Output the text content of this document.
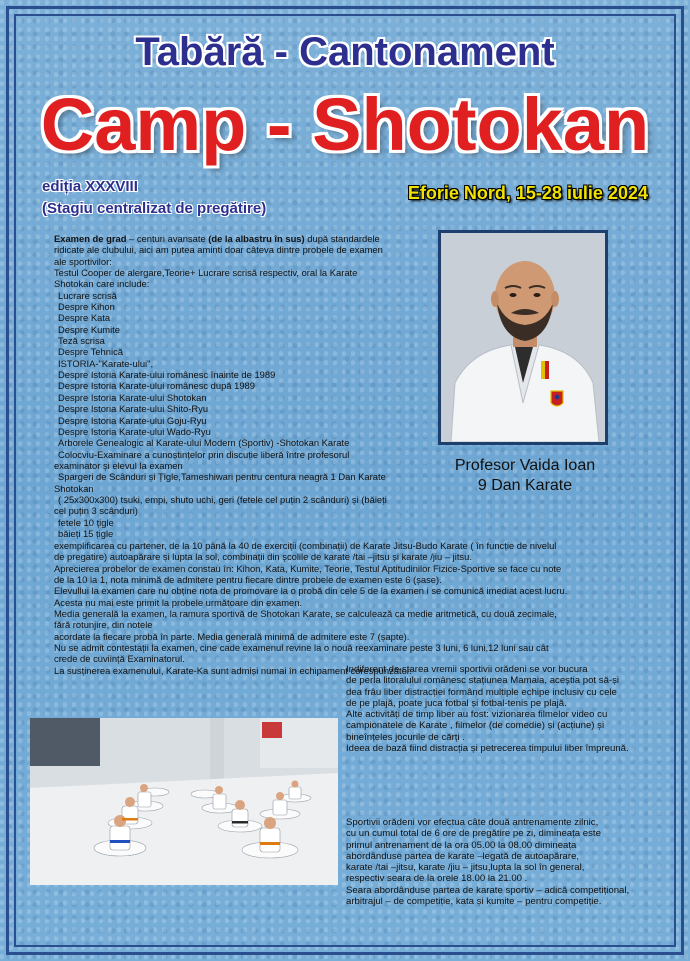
Tabără - Cantonament
Camp - Shotokan
ediția XXXVIII
(Stagiu centralizat de pregătire)
Eforie Nord, 15-28 iulie 2024
Examen de grad – centuri avansate (de la albastru în sus) după standardele
ridicate ale clubului, aici am putea aminti doar câteva dintre probele de examen
ale sportivilor:
Testul Cooper de alergare,Teorie+ Lucrare scrisă respectiv, oral la Karate
Shotokan care include:
Lucrare scrisă
Despre Kihon
Despre Kata
Despre Kumite
Teză scrisa
Despre Tehnică
ISTORIA-"Karate-ului",
Despre Istoria Karate-ului românesc înainte de 1989
Despre Istoria Karate-ului românesc după 1989
Despre Istoria Karate-ului Shotokan
Despre Istoria Karate-ului Shito-Ryu
Despre Istoria Karate-ului Goju-Ryu
Despre Istoria Karate-ului Wado-Ryu
Arborele Genealogic al Karate-ului Modern (Sportiv) -Shotokan Karate
Colocviu-Examinare a cunoștințelor prin discuție liberă între profesorul
examinator și elevul la examen
Spargeri de Scânduri și Țigle,Tameshiwari pentru centura neagră 1 Dan Karate
Shotokan
( 25x300x300) tsuki, empi, shuto uchi, geri (fetele cel puțin 2 scânduri) și (băieți
cel puțin 3 scânduri)
fetele 10 țigle
băieți 15 țigle
exemplificarea cu partener, de la 10 până la 40 de exerciții (combinații) de Karate Jitsu-Budo Karate ( în funcție de nivelul
de pregatire) autoapărare și lupta la sol, combinații din școlile de karate /tai –jitsu și karate /jiu – jitsu.
Aprecierea probelor de examen constau în: Kihon, Kata, Kumite, Teorie, Testul Aptitudinilor Fizice-Sportive se face cu note
de la 10 la 1, nota minimă de admitere pentru fiecare dintre probele de examen este 6 (șase).
Elevullui la examen care nu obține nota de promovare la o probă din cele 5 de la examen i se comunică imediat acest lucru.
Acesta nu mai este primit la probele următoare din examen.
Media generală la examen, la ramura sportivă de Shotokan Karate, se calculează ca medie aritmetică, cu două zecimale,
fără rotunjire, din notele
acordate la fiecare probă în parte. Media generală minimă de admitere este 7 (șapte).
Nu se admit contestații la examen, cine cade examenul revine la o nouă reexaminare peste 3 luni, 6 luni,12 luni sau cât
crede de cuviință Examinatorul.
La susținerea examenului, Karate-Ka sunt admiși numai în echipament corespunzător.
Profesor Vaida Ioan
9 Dan Karate
Indiferent de starea vremii sportivii orădeni se vor bucura
de perla litoralului românesc stațiunea Mamaia, aceștia pot să-și
dea frâu liber distracției formând multiple echipe inclusiv cu cele
de pe plajă, poate juca fotbal și fotbal-tenis pe plajă.
Alte activități de timp liber au fost: vizionarea filmelor video cu
campionatele de Karate , filmelor (de comedie) și (acțiune) și
bineînțeles jocurile de cărți .
Ideea de bază fiind distracția și petrecerea timpului liber împreună.
Sportivii orădeni vor efectua câte două antrenamente zilnic,
cu un cumul total de 6 ore de pregătire pe zi, dimineața este
primul antrenament de la ora 05.00 la 08.00 dimineața
abordânduse partea de karate –legată de autoapărare,
karate /tai –jitsu, karate /jiu – jitsu,lupta la sol în general,
respectiv seara de la orele 18.00 la 21.00 .
Seara abordânduse partea de karate sportiv – adică competițional,
arbitrajul – de competiție, kata și kumite – pentru competiție.
